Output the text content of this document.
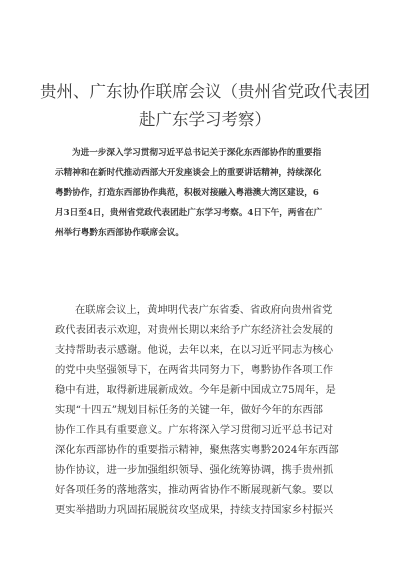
贵州、广东协作联席会议（贵州省党政代表团
赴广东学习考察）
为进一步深入学习贯彻习近平总书记关于深化东西部协作的重要指
示精神和在新时代推动西部大开发座谈会上的重要讲话精神，持续深化
粤黔协作，打造东西部协作典范，积极对接融入粤港澳大湾区建设，6
月3日至4日，贵州省党政代表团赴广东学习考察。4日下午，两省在广
州举行粤黔东西部协作联席会议。
在联席会议上，黄坤明代表广东省委、省政府向贵州省党
政代表团表示欢迎，对贵州长期以来给予广东经济社会发展的
支持帮助表示感谢。他说，去年以来，在以习近平同志为核心
的党中央坚强领导下，在两省共同努力下，粤黔协作各项工作
稳中有进，取得新进展新成效。今年是新中国成立75周年，是
实现“十四五”规划目标任务的关键一年，做好今年的东西部
协作工作具有重要意义。广东将深入学习贯彻习近平总书记对
深化东西部协作的重要指示精神，聚焦落实粤黔2024年东西部
协作协议，进一步加强组织领导、强化统筹协调，携手贵州抓
好各项任务的落地落实，推动两省协作不断展现新气象。要以
更实举措助力巩固拓展脱贫攻坚成果，持续支持国家乡村振兴
